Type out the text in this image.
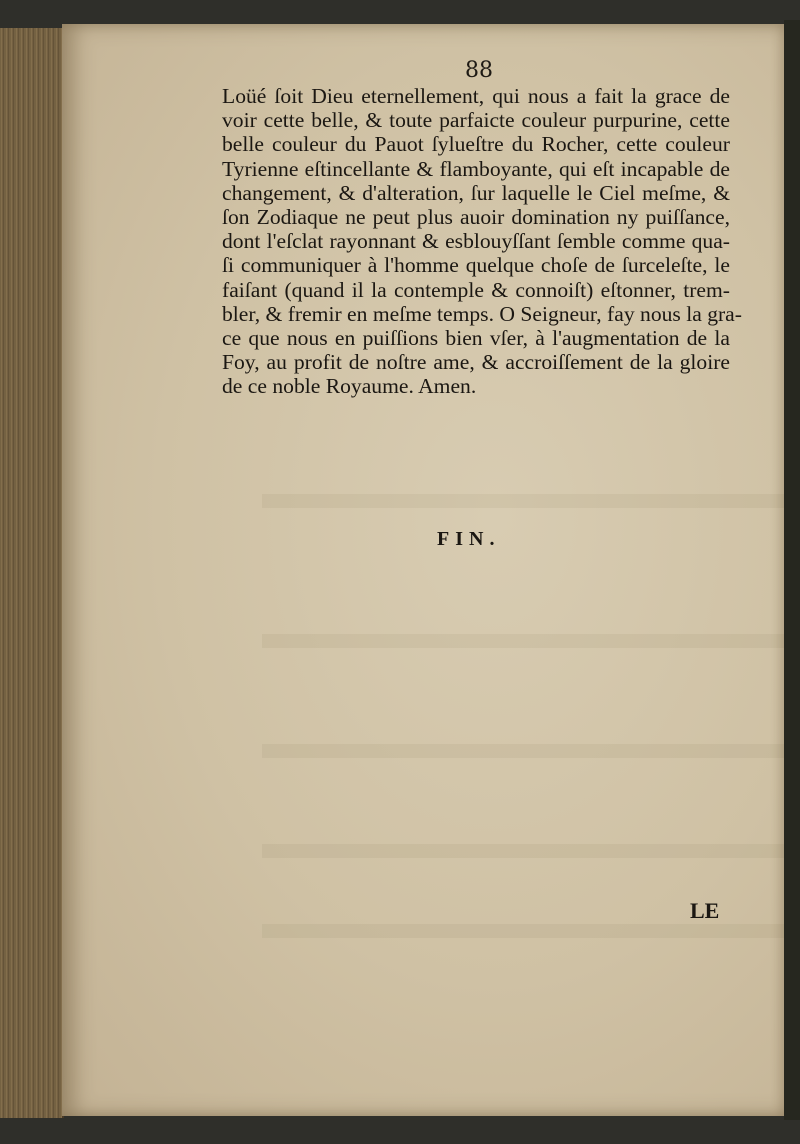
88
Loüé ſoit Dieu eternellement, qui nous a fait la grace de
voir cette belle, & toute parfaicte couleur purpurine, cette
belle couleur du Pauot ſylueſtre du Rocher, cette couleur
Tyrienne eſtincellante & flamboyante, qui eſt incapable de
changement, & d'alteration, ſur laquelle le Ciel meſme, &
ſon Zodiaque ne peut plus auoir domination ny puiſſance,
dont l'eſclat rayonnant & esblouyſſant ſemble comme qua-
ſi communiquer à l'homme quelque choſe de ſurceleſte, le
faiſant (quand il la contemple & connoiſt) eſtonner, trem-
bler, & fremir en meſme temps. O Seigneur, fay nous la gra-
ce que nous en puiſſions bien vſer, à l'augmentation de la
Foy, au profit de noſtre ame, & accroiſſement de la gloire
de ce noble Royaume. Amen.
FIN.
LE
